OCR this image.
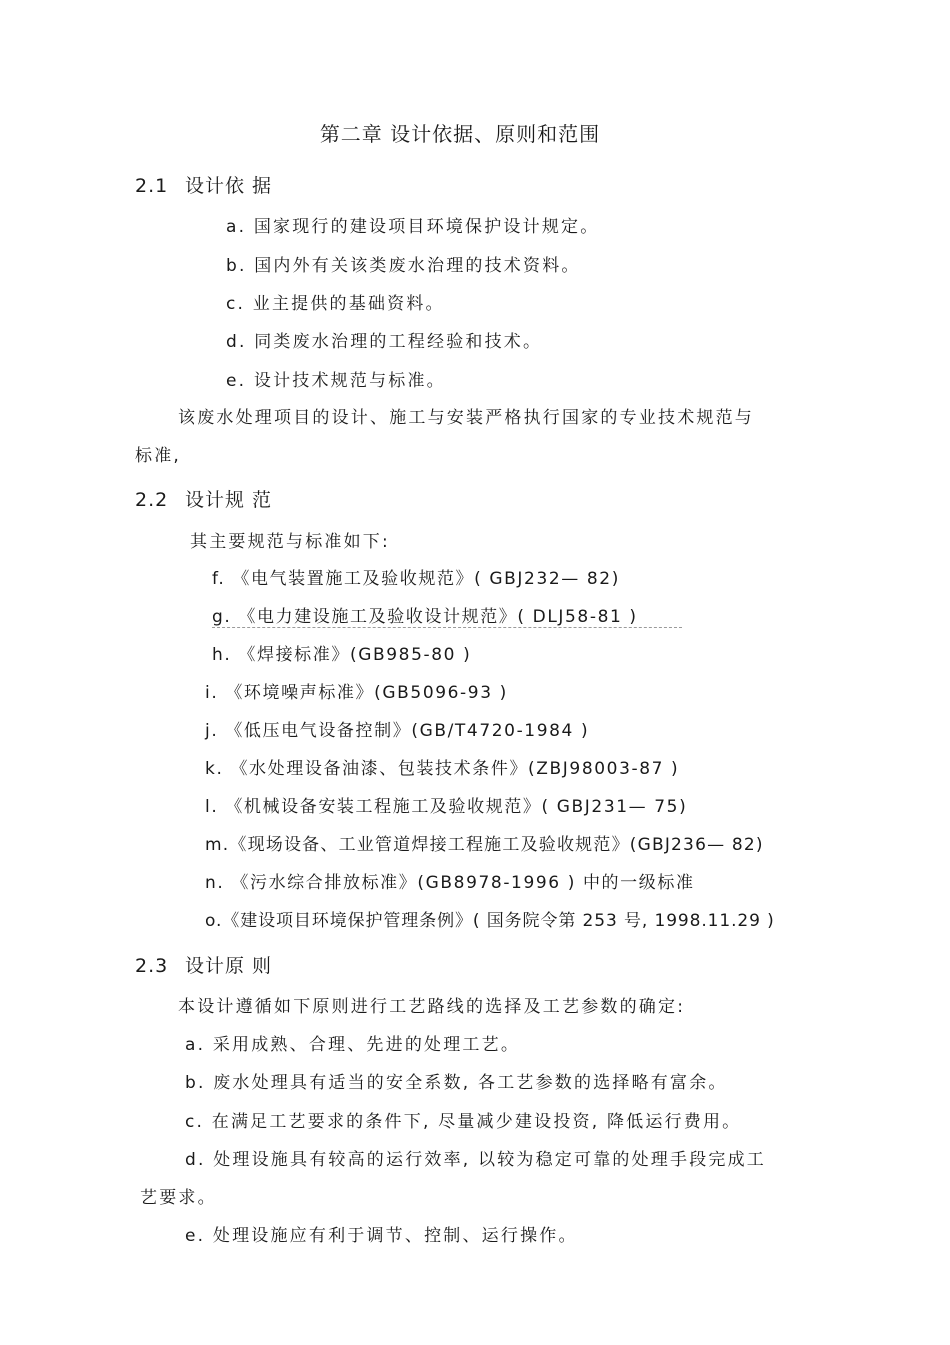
第二章 设计依据、原则和范围
2.1 设计依 据
a. 国家现行的建设项目环境保护设计规定。
b. 国内外有关该类废水治理的技术资料。
c. 业主提供的基础资料。
d. 同类废水治理的工程经验和技术。
e. 设计技术规范与标准。
该废水处理项目的设计、施工与安装严格执行国家的专业技术规范与
标准,
2.2 设计规 范
其主要规范与标准如下:
f. 《电气装置施工及验收规范》( GBJ232— 82)
g. 《电力建设施工及验收设计规范》( DLJ58-81 )
h. 《焊接标准》(GB985-80 )
i. 《环境噪声标准》(GB5096-93 )
j. 《低压电气设备控制》(GB/T4720-1984 )
k. 《水处理设备油漆、包装技术条件》(ZBJ98003-87 )
l. 《机械设备安装工程施工及验收规范》( GBJ231— 75)
m.《现场设备、工业管道焊接工程施工及验收规范》(GBJ236— 82)
n. 《污水综合排放标准》(GB8978-1996 ) 中的一级标准
o.《建设项目环境保护管理条例》( 国务院令第 253 号, 1998.11.29 )
2.3 设计原 则
本设计遵循如下原则进行工艺路线的选择及工艺参数的确定:
a. 采用成熟、合理、先进的处理工艺。
b. 废水处理具有适当的安全系数, 各工艺参数的选择略有富余。
c. 在满足工艺要求的条件下, 尽量减少建设投资, 降低运行费用。
d. 处理设施具有较高的运行效率, 以较为稳定可靠的处理手段完成工
艺要求。
e. 处理设施应有利于调节、控制、运行操作。
